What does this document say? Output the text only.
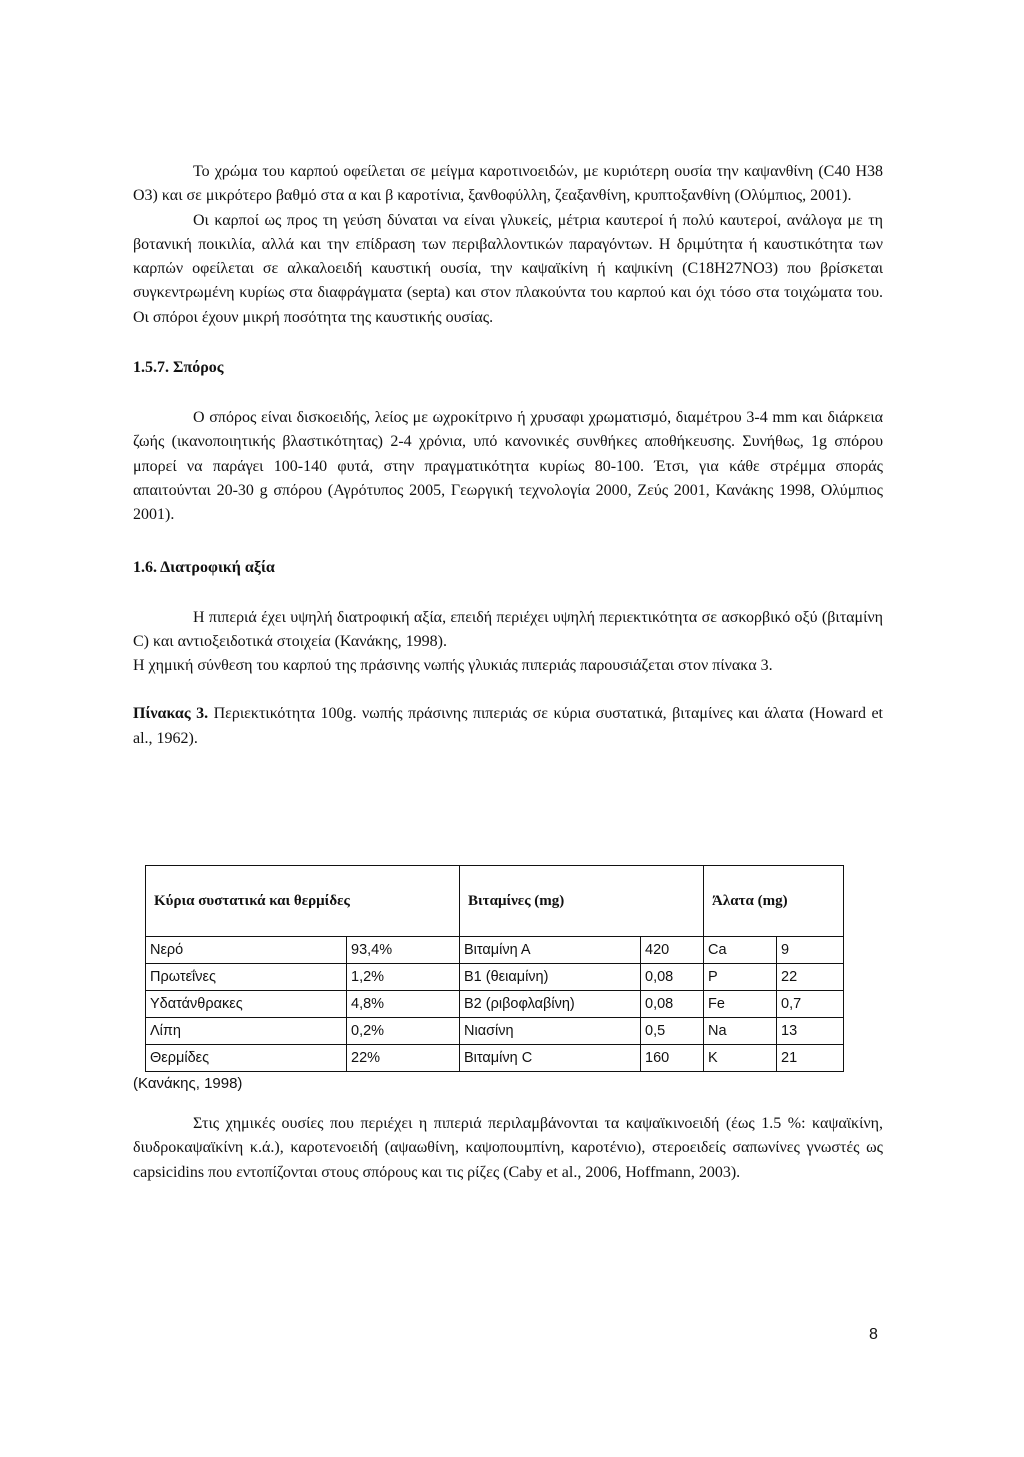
Το χρώμα του καρπού οφείλεται σε μείγμα καροτινοειδών, με κυριότερη ουσία την καψανθίνη (C40 H38 O3) και σε μικρότερο βαθμό στα α και β καροτίνια, ξανθοφύλλη, ζεαξανθίνη, κρυπτοξανθίνη (Ολύμπιος, 2001).

Οι καρποί ως προς τη γεύση δύναται να είναι γλυκείς, μέτρια καυτεροί ή πολύ καυτεροί, ανάλογα με τη βοτανική ποικιλία, αλλά και την επίδραση των περιβαλλοντικών παραγόντων. Η δριμύτητα ή καυστικότητα των καρπών οφείλεται σε αλκαλοειδή καυστική ουσία, την καψαϊκίνη ή καψικίνη (C18H27NO3) που βρίσκεται συγκεντρωμένη κυρίως στα διαφράγματα (septa) και στον πλακούντα του καρπού και όχι τόσο στα τοιχώματα του. Οι σπόροι έχουν μικρή ποσότητα της καυστικής ουσίας.

1.5.7. Σπόρος

Ο σπόρος είναι δισκοειδής, λείος με ωχροκίτρινο ή χρυσαφι χρωματισμό, διαμέτρου 3-4 mm και διάρκεια ζωής (ικανοποιητικής βλαστικότητας) 2-4 χρόνια, υπό κανονικές συνθήκες αποθήκευσης. Συνήθως, 1g σπόρου μπορεί να παράγει 100-140 φυτά, στην πραγματικότητα κυρίως 80-100. Έτσι, για κάθε στρέμμα σποράς απαιτούνται 20-30 g σπόρου (Αγρότυπος 2005, Γεωργική τεχνολογία 2000, Ζεύς 2001, Κανάκης 1998, Ολύμπιος 2001).

1.6. Διατροφική αξία

Η πιπεριά έχει υψηλή διατροφική αξία, επειδή περιέχει υψηλή περιεκτικότητα σε ασκορβικό οξύ (βιταμίνη C) και αντιοξειδοτικά στοιχεία (Κανάκης, 1998).

Η χημική σύνθεση του καρπού της πράσινης νωπής γλυκιάς πιπεριάς παρουσιάζεται στον πίνακα 3.

Πίνακας 3. Περιεκτικότητα 100g. νωπής πράσινης πιπεριάς σε κύρια συστατικά, βιταμίνες και άλατα (Howard et al., 1962).

Κύρια συστατικά και θερμίδες		Βιταμίνες (mg)		Άλατα (mg)	
Νερό	93,4%	Βιταμίνη Α	420	Ca	9
Πρωτεΐνες	1,2%	B1 (θειαμίνη)	0,08	P	22
Υδατάνθρακες	4,8%	B2 (ριβοφλαβίνη)	0,08	Fe	0,7
Λίπη	0,2%	Νιασίνη	0,5	Na	13
Θερμίδες	22%	Βιταμίνη C	160	K	21
(Κανάκης, 1998)

Στις χημικές ουσίες που περιέχει η πιπεριά περιλαμβάνονται τα καψαϊκινοειδή (έως 1.5 %: καψαϊκίνη, διυδροκαψαϊκίνη κ.ά.), καροτενοειδή (αψαωθίνη, καψοπουμπίνη, καροτένιο), στεροειδείς σαπωνίνες γνωστές ως capsicidins που εντοπίζονται στους σπόρους και τις ρίζες (Caby et al., 2006, Hoffmann, 2003).

8
